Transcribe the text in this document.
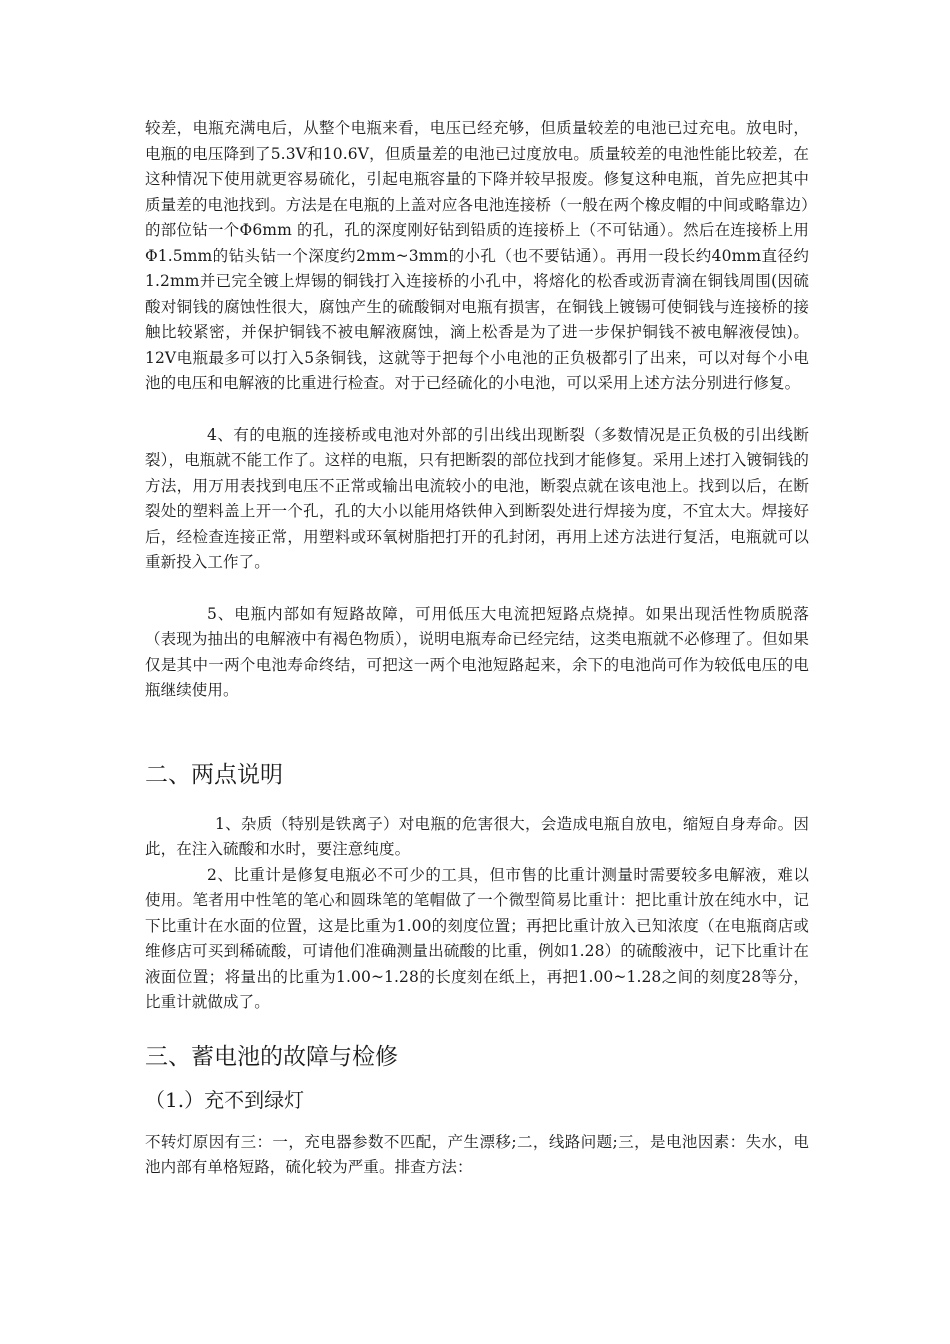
较差，电瓶充满电后，从整个电瓶来看，电压已经充够，但质量较差的电池已过充电。放电时，电瓶的电压降到了5.3V和10.6V，但质量差的电池已过度放电。质量较差的电池性能比较差，在这种情况下使用就更容易硫化，引起电瓶容量的下降并较早报废。修复这种电瓶，首先应把其中质量差的电池找到。方法是在电瓶的上盖对应各电池连接桥（一般在两个橡皮帽的中间或略靠边）的部位钻一个Φ6mm 的孔，孔的深度刚好钻到铅质的连接桥上（不可钻通）。然后在连接桥上用Φ1.5mm的钻头钻一个深度约2mm~3mm的小孔（也不要钻通）。再用一段长约40mm直径约1.2mm并已完全镀上焊锡的铜钱打入连接桥的小孔中，将熔化的松香或沥青滴在铜钱周围(因硫酸对铜钱的腐蚀性很大，腐蚀产生的硫酸铜对电瓶有损害，在铜钱上镀锡可使铜钱与连接桥的接触比较紧密，并保护铜钱不被电解液腐蚀，滴上松香是为了进一步保护铜钱不被电解液侵蚀)。12V电瓶最多可以打入5条铜钱，这就等于把每个小电池的正负极都引了出来，可以对每个小电池的电压和电解液的比重进行检查。对于已经硫化的小电池，可以采用上述方法分别进行修复。

4、有的电瓶的连接桥或电池对外部的引出线出现断裂（多数情况是正负极的引出线断裂），电瓶就不能工作了。这样的电瓶，只有把断裂的部位找到才能修复。采用上述打入镀铜钱的方法，用万用表找到电压不正常或输出电流较小的电池，断裂点就在该电池上。找到以后，在断裂处的塑料盖上开一个孔，孔的大小以能用烙铁伸入到断裂处进行焊接为度，不宜太大。焊接好后，经检查连接正常，用塑料或环氧树脂把打开的孔封闭，再用上述方法进行复活，电瓶就可以重新投入工作了。

5、电瓶内部如有短路故障，可用低压大电流把短路点烧掉。如果出现活性物质脱落（表现为抽出的电解液中有褐色物质），说明电瓶寿命已经完结，这类电瓶就不必修理了。但如果仅是其中一两个电池寿命终结，可把这一两个电池短路起来，余下的电池尚可作为较低电压的电瓶继续使用。

二、两点说明

1、杂质（特别是铁离子）对电瓶的危害很大，会造成电瓶自放电，缩短自身寿命。因此，在注入硫酸和水时，要注意纯度。

2、比重计是修复电瓶必不可少的工具，但市售的比重计测量时需要较多电解液，难以使用。笔者用中性笔的笔心和圆珠笔的笔帽做了一个微型简易比重计：把比重计放在纯水中，记下比重计在水面的位置，这是比重为1.00的刻度位置；再把比重计放入已知浓度（在电瓶商店或维修店可买到稀硫酸，可请他们准确测量出硫酸的比重，例如1.28）的硫酸液中，记下比重计在液面位置；将量出的比重为1.00~1.28的长度刻在纸上，再把1.00~1.28之间的刻度28等分，比重计就做成了。

三、蓄电池的故障与检修
（1.）充不到绿灯

不转灯原因有三：一，充电器参数不匹配，产生漂移;二，线路问题;三，是电池因素：失水，电池内部有单格短路，硫化较为严重。排查方法：
